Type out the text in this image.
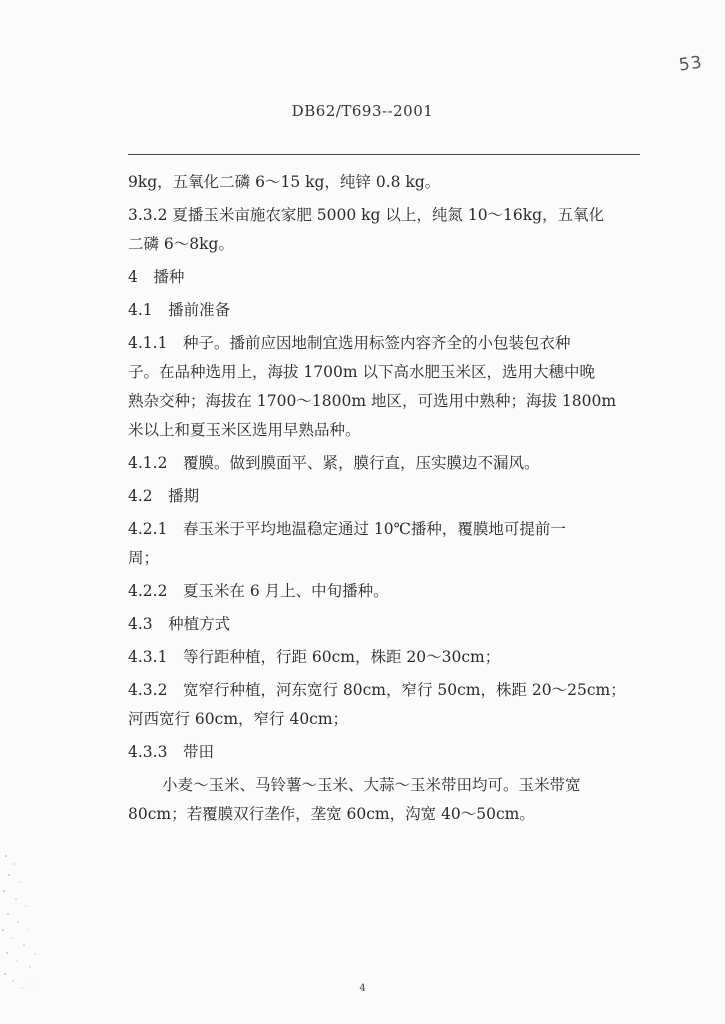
53
DB62/T693--2001
9kg，五氧化二磷 6～15 kg，纯锌 0.8 kg。
3.3.2 夏播玉米亩施农家肥 5000 kg 以上，纯氮 10～16kg，五氧化
二磷 6～8kg。
4　播种
4.1　播前准备
4.1.1　种子。播前应因地制宜选用标签内容齐全的小包装包衣种
子。在品种选用上，海拔 1700m 以下高水肥玉米区，选用大穗中晚
熟杂交种；海拔在 1700～1800m 地区，可选用中熟种；海拔 1800m
米以上和夏玉米区选用早熟品种。
4.1.2　覆膜。做到膜面平、紧，膜行直，压实膜边不漏风。
4.2　播期
4.2.1　春玉米于平均地温稳定通过 10℃播种，覆膜地可提前一
周；
4.2.2　夏玉米在 6 月上、中旬播种。
4.3　种植方式
4.3.1　等行距种植，行距 60cm，株距 20～30cm；
4.3.2　宽窄行种植，河东宽行 80cm，窄行 50cm，株距 20～25cm；
河西宽行 60cm，窄行 40cm；
4.3.3　带田
小麦～玉米、马铃薯～玉米、大蒜～玉米带田均可。玉米带宽
80cm；若覆膜双行垄作，垄宽 60cm，沟宽 40～50cm。
4
